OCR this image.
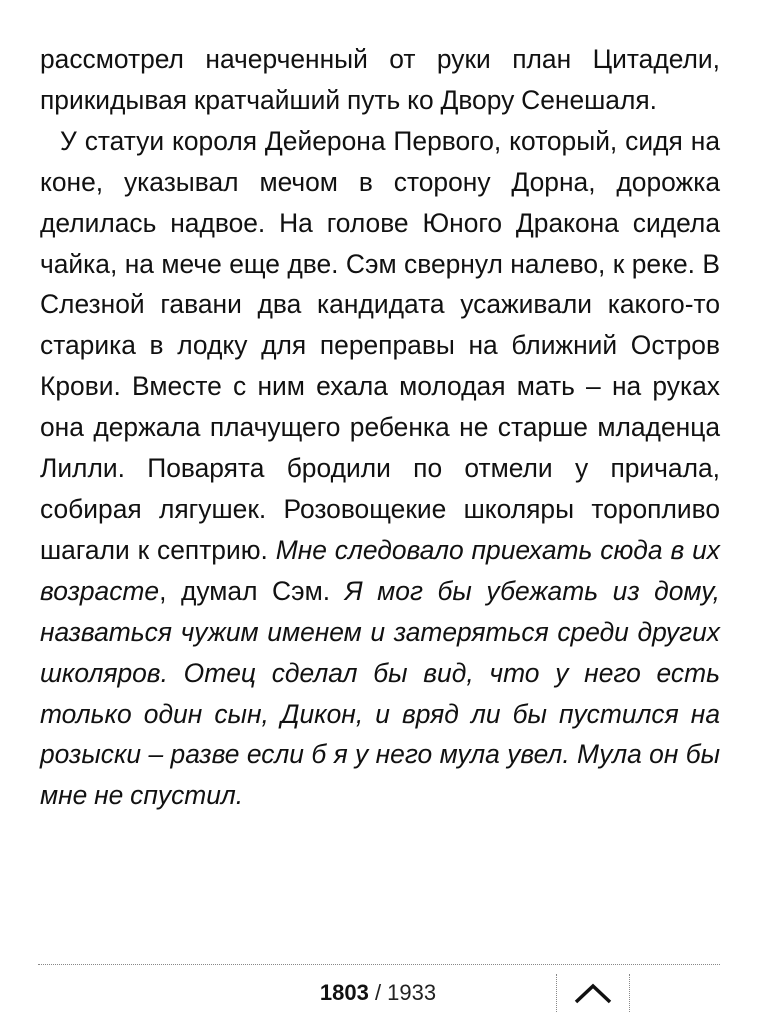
рассмотрел начерченный от руки план Цитадели, прикидывая кратчайший путь ко Двору Сенешаля.

У статуи короля Дейерона Первого, который, сидя на коне, указывал мечом в сторону Дорна, дорожка делилась надвое. На голове Юного Дракона сидела чайка, на мече еще две. Сэм свернул налево, к реке. В Слезной гавани два кандидата усаживали какого-то старика в лодку для переправы на ближний Остров Крови. Вместе с ним ехала молодая мать – на руках она держала плачущего ребенка не старше младенца Лилли. Поварята бродили по отмели у причала, собирая лягушек. Розовощекие школяры торопливо шагали к септрию. Мне следовало приехать сюда в их возрасте, думал Сэм. Я мог бы убежать из дому, назваться чужим именем и затеряться среди других школяров. Отец сделал бы вид, что у него есть только один сын, Дикон, и вряд ли бы пустился на розыски – разве если б я у него мула увел. Мула он бы мне не спустил.

1803 / 1933
